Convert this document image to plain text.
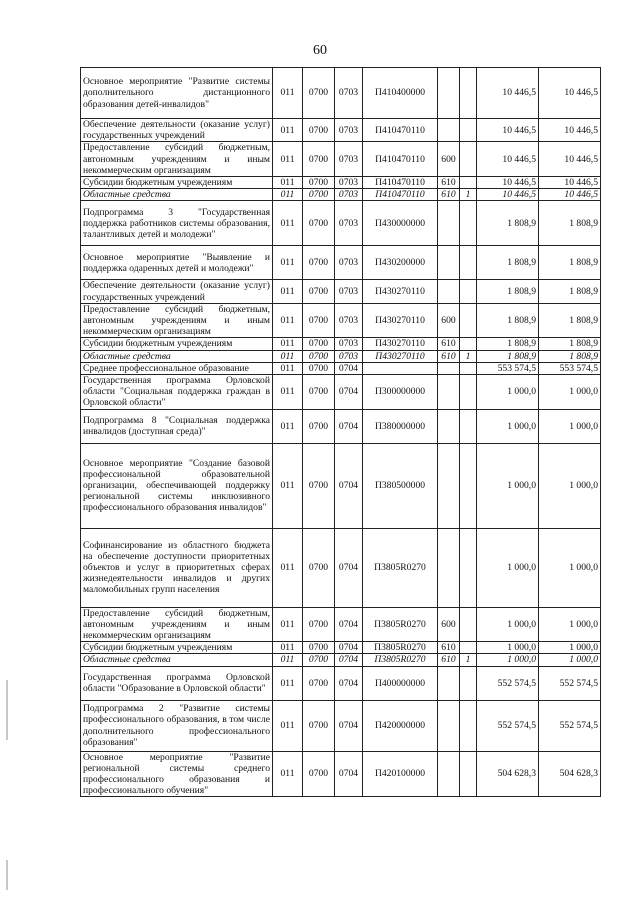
60
Основное мероприятие "Развитие системы дополнительного дистанционного образования детей-инвалидов"	011	0700	0703	П410400000			10 446,5	10 446,5
Обеспечение деятельности (оказание услуг) государственных учреждений	011	0700	0703	П410470110			10 446,5	10 446,5
Предоставление субсидий бюджетным, автономным учреждениям и иным некоммерческим организациям	011	0700	0703	П410470110	600		10 446,5	10 446,5
Субсидии бюджетным учреждениям	011	0700	0703	П410470110	610		10 446,5	10 446,5
Областные средства	011	0700	0703	П410470110	610	1	10 446,5	10 446,5
Подпрограмма 3 "Государственная поддержка работников системы образования, талантливых детей и молодежи"	011	0700	0703	П430000000			1 808,9	1 808,9
Основное мероприятие "Выявление и поддержка одаренных детей и молодежи"	011	0700	0703	П430200000			1 808,9	1 808,9
Обеспечение деятельности (оказание услуг) государственных учреждений	011	0700	0703	П430270110			1 808,9	1 808,9
Предоставление субсидий бюджетным, автономным учреждениям и иным некоммерческим организациям	011	0700	0703	П430270110	600		1 808,9	1 808,9
Субсидии бюджетным учреждениям	011	0700	0703	П430270110	610		1 808,9	1 808,9
Областные средства	011	0700	0703	П430270110	610	1	1 808,9	1 808,9
Среднее профессиональное образование	011	0700	0704				553 574,5	553 574,5
Государственная программа Орловской области "Социальная поддержка граждан в Орловской области"	011	0700	0704	П300000000			1 000,0	1 000,0
Подпрограмма 8 "Социальная поддержка инвалидов (доступная среда)"	011	0700	0704	П380000000			1 000,0	1 000,0
Основное мероприятие "Создание базовой профессиональной образовательной организации, обеспечивающей поддержку региональной системы инклюзивного профессионального образования инвалидов"	011	0700	0704	П380500000			1 000,0	1 000,0
Софинансирование из областного бюджета на обеспечение доступности приоритетных объектов и услуг в приоритетных сферах жизнедеятельности инвалидов и других маломобильных групп населения	011	0700	0704	П3805R0270			1 000,0	1 000,0
Предоставление субсидий бюджетным, автономным учреждениям и иным некоммерческим организациям	011	0700	0704	П3805R0270	600		1 000,0	1 000,0
Субсидии бюджетным учреждениям	011	0700	0704	П3805R0270	610		1 000,0	1 000,0
Областные средства	011	0700	0704	П3805R0270	610	1	1 000,0	1 000,0
Государственная программа Орловской области "Образование в Орловской области"	011	0700	0704	П400000000			552 574,5	552 574,5
Подпрограмма 2 "Развитие системы профессионального образования, в том числе дополнительного профессионального образования"	011	0700	0704	П420000000			552 574,5	552 574,5
Основное мероприятие "Развитие региональной системы среднего профессионального образования и профессионального обучения"	011	0700	0704	П420100000			504 628,3	504 628,3
